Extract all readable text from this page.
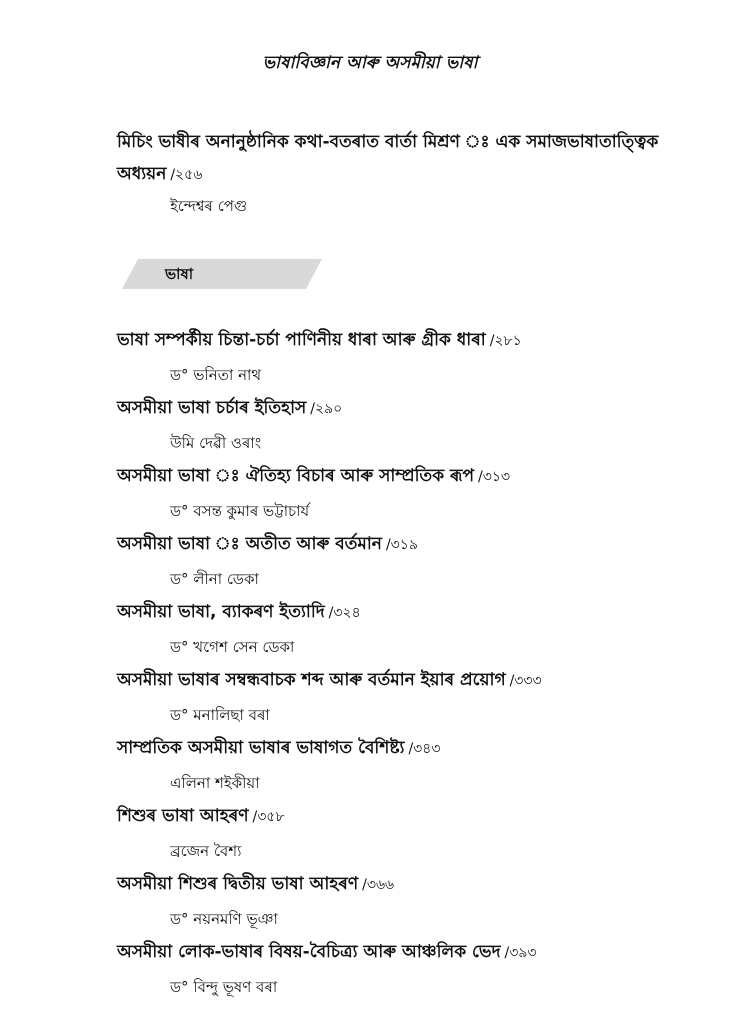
ভাষাবিজ্ঞান আৰু অসমীয়া ভাষা
মিচিং ভাষীৰ অনানুষ্ঠানিক কথা-বতৰাত বাৰ্তা মিশ্ৰণ ঃ এক সমাজভাষাতাত্ত্বিক
অধ্যয়ন /২৫৬
ইন্দেশ্বৰ পেগু
ভাষা
ভাষা সম্পৰ্কীয় চিন্তা-চৰ্চা পাণিনীয় ধাৰা আৰু গ্ৰীক ধাৰা /২৮১
ড° ভনিতা নাথ
অসমীয়া ভাষা চৰ্চাৰ ইতিহাস /২৯০
উমি দেৱী ওৰাং
অসমীয়া ভাষা ঃ ঐতিহ্য বিচাৰ আৰু সাম্প্ৰতিক ৰূপ /৩১৩
ড° বসন্ত কুমাৰ ভট্টাচাৰ্য
অসমীয়া ভাষা ঃ অতীত আৰু বৰ্তমান /৩১৯
ড° লীনা ডেকা
অসমীয়া ভাষা, ব্যাকৰণ ইত্যাদি /৩২৪
ড° খগেশ সেন ডেকা
অসমীয়া ভাষাৰ সম্বন্ধবাচক শব্দ আৰু বৰ্তমান ইয়াৰ প্ৰয়োগ /৩৩৩
ড° মনালিছা বৰা
সাম্প্ৰতিক অসমীয়া ভাষাৰ ভাষাগত বৈশিষ্ট্য /৩৪৩
এলিনা শইকীয়া
শিশুৰ ভাষা আহৰণ /৩৫৮
ব্ৰজেন বৈশ্য
অসমীয়া শিশুৰ দ্বিতীয় ভাষা আহৰণ /৩৬৬
ড° নয়নমণি ভূঞা
অসমীয়া লোক-ভাষাৰ বিষয়-বৈচিত্ৰ্য আৰু আঞ্চলিক ভেদ /৩৯৩
ড° বিন্দু ভূষণ বৰা
